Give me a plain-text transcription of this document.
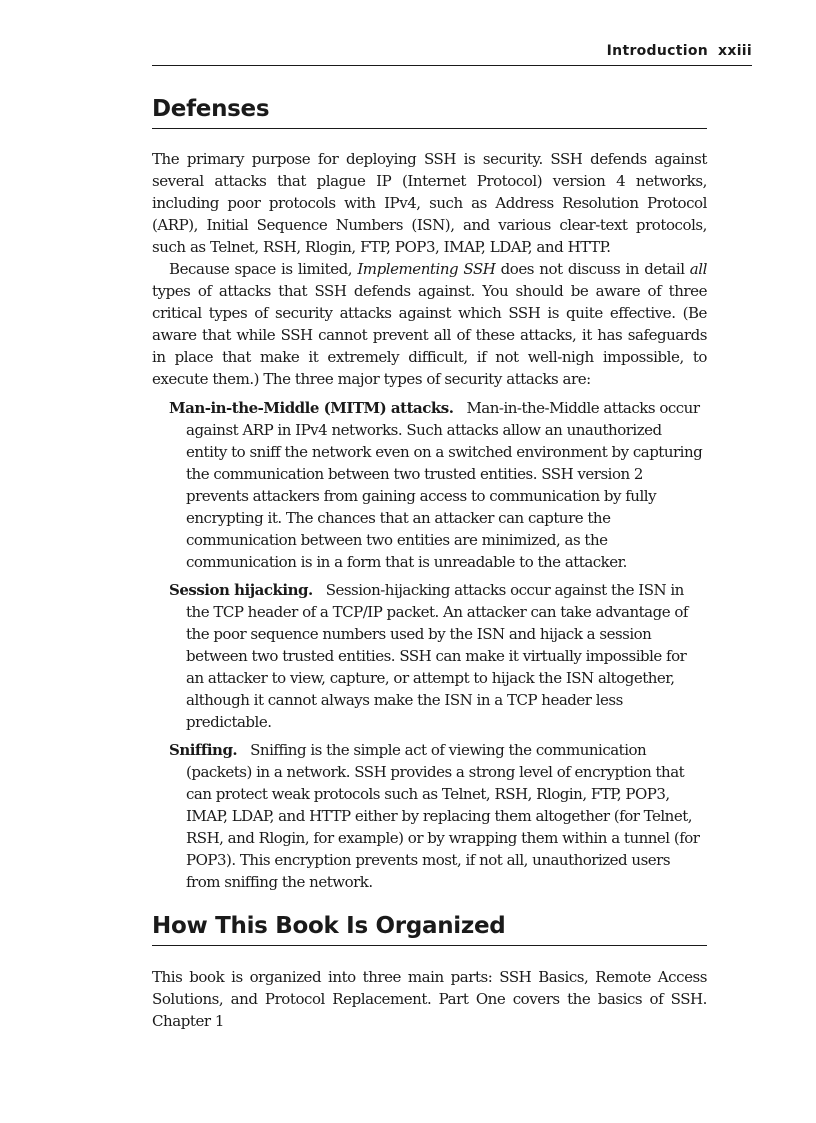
Introduction xxiii
Defenses

The primary purpose for deploying SSH is security. SSH defends against several attacks that plague IP (Internet Protocol) version 4 networks, including poor protocols with IPv4, such as Address Resolution Protocol (ARP), Initial Sequence Numbers (ISN), and various clear-text protocols, such as Telnet, RSH, Rlogin, FTP, POP3, IMAP, LDAP, and HTTP.

Because space is limited, Implementing SSH does not discuss in detail all types of attacks that SSH defends against. You should be aware of three critical types of security attacks against which SSH is quite effective. (Be aware that while SSH cannot prevent all of these attacks, it has safeguards in place that make it extremely difficult, if not well-nigh impossible, to execute them.) The three major types of security attacks are:

Man-in-the-Middle (MITM) attacks. Man-in-the-Middle attacks occur against ARP in IPv4 networks. Such attacks allow an unauthorized entity to sniff the network even on a switched environment by capturing the communication between two trusted entities. SSH version 2 prevents attackers from gaining access to communication by fully encrypting it. The chances that an attacker can capture the communication between two entities are minimized, as the communication is in a form that is unreadable to the attacker.
Session hijacking. Session-hijacking attacks occur against the ISN in the TCP header of a TCP/IP packet. An attacker can take advantage of the poor sequence numbers used by the ISN and hijack a session between two trusted entities. SSH can make it virtually impossible for an attacker to view, capture, or attempt to hijack the ISN altogether, although it cannot always make the ISN in a TCP header less predictable.
Sniffing. Sniffing is the simple act of viewing the communication (packets) in a network. SSH provides a strong level of encryption that can protect weak protocols such as Telnet, RSH, Rlogin, FTP, POP3, IMAP, LDAP, and HTTP either by replacing them altogether (for Telnet, RSH, and Rlogin, for example) or by wrapping them within a tunnel (for POP3). This encryption prevents most, if not all, unauthorized users from sniffing the network.
How This Book Is Organized

This book is organized into three main parts: SSH Basics, Remote Access Solutions, and Protocol Replacement. Part One covers the basics of SSH. Chapter 1
